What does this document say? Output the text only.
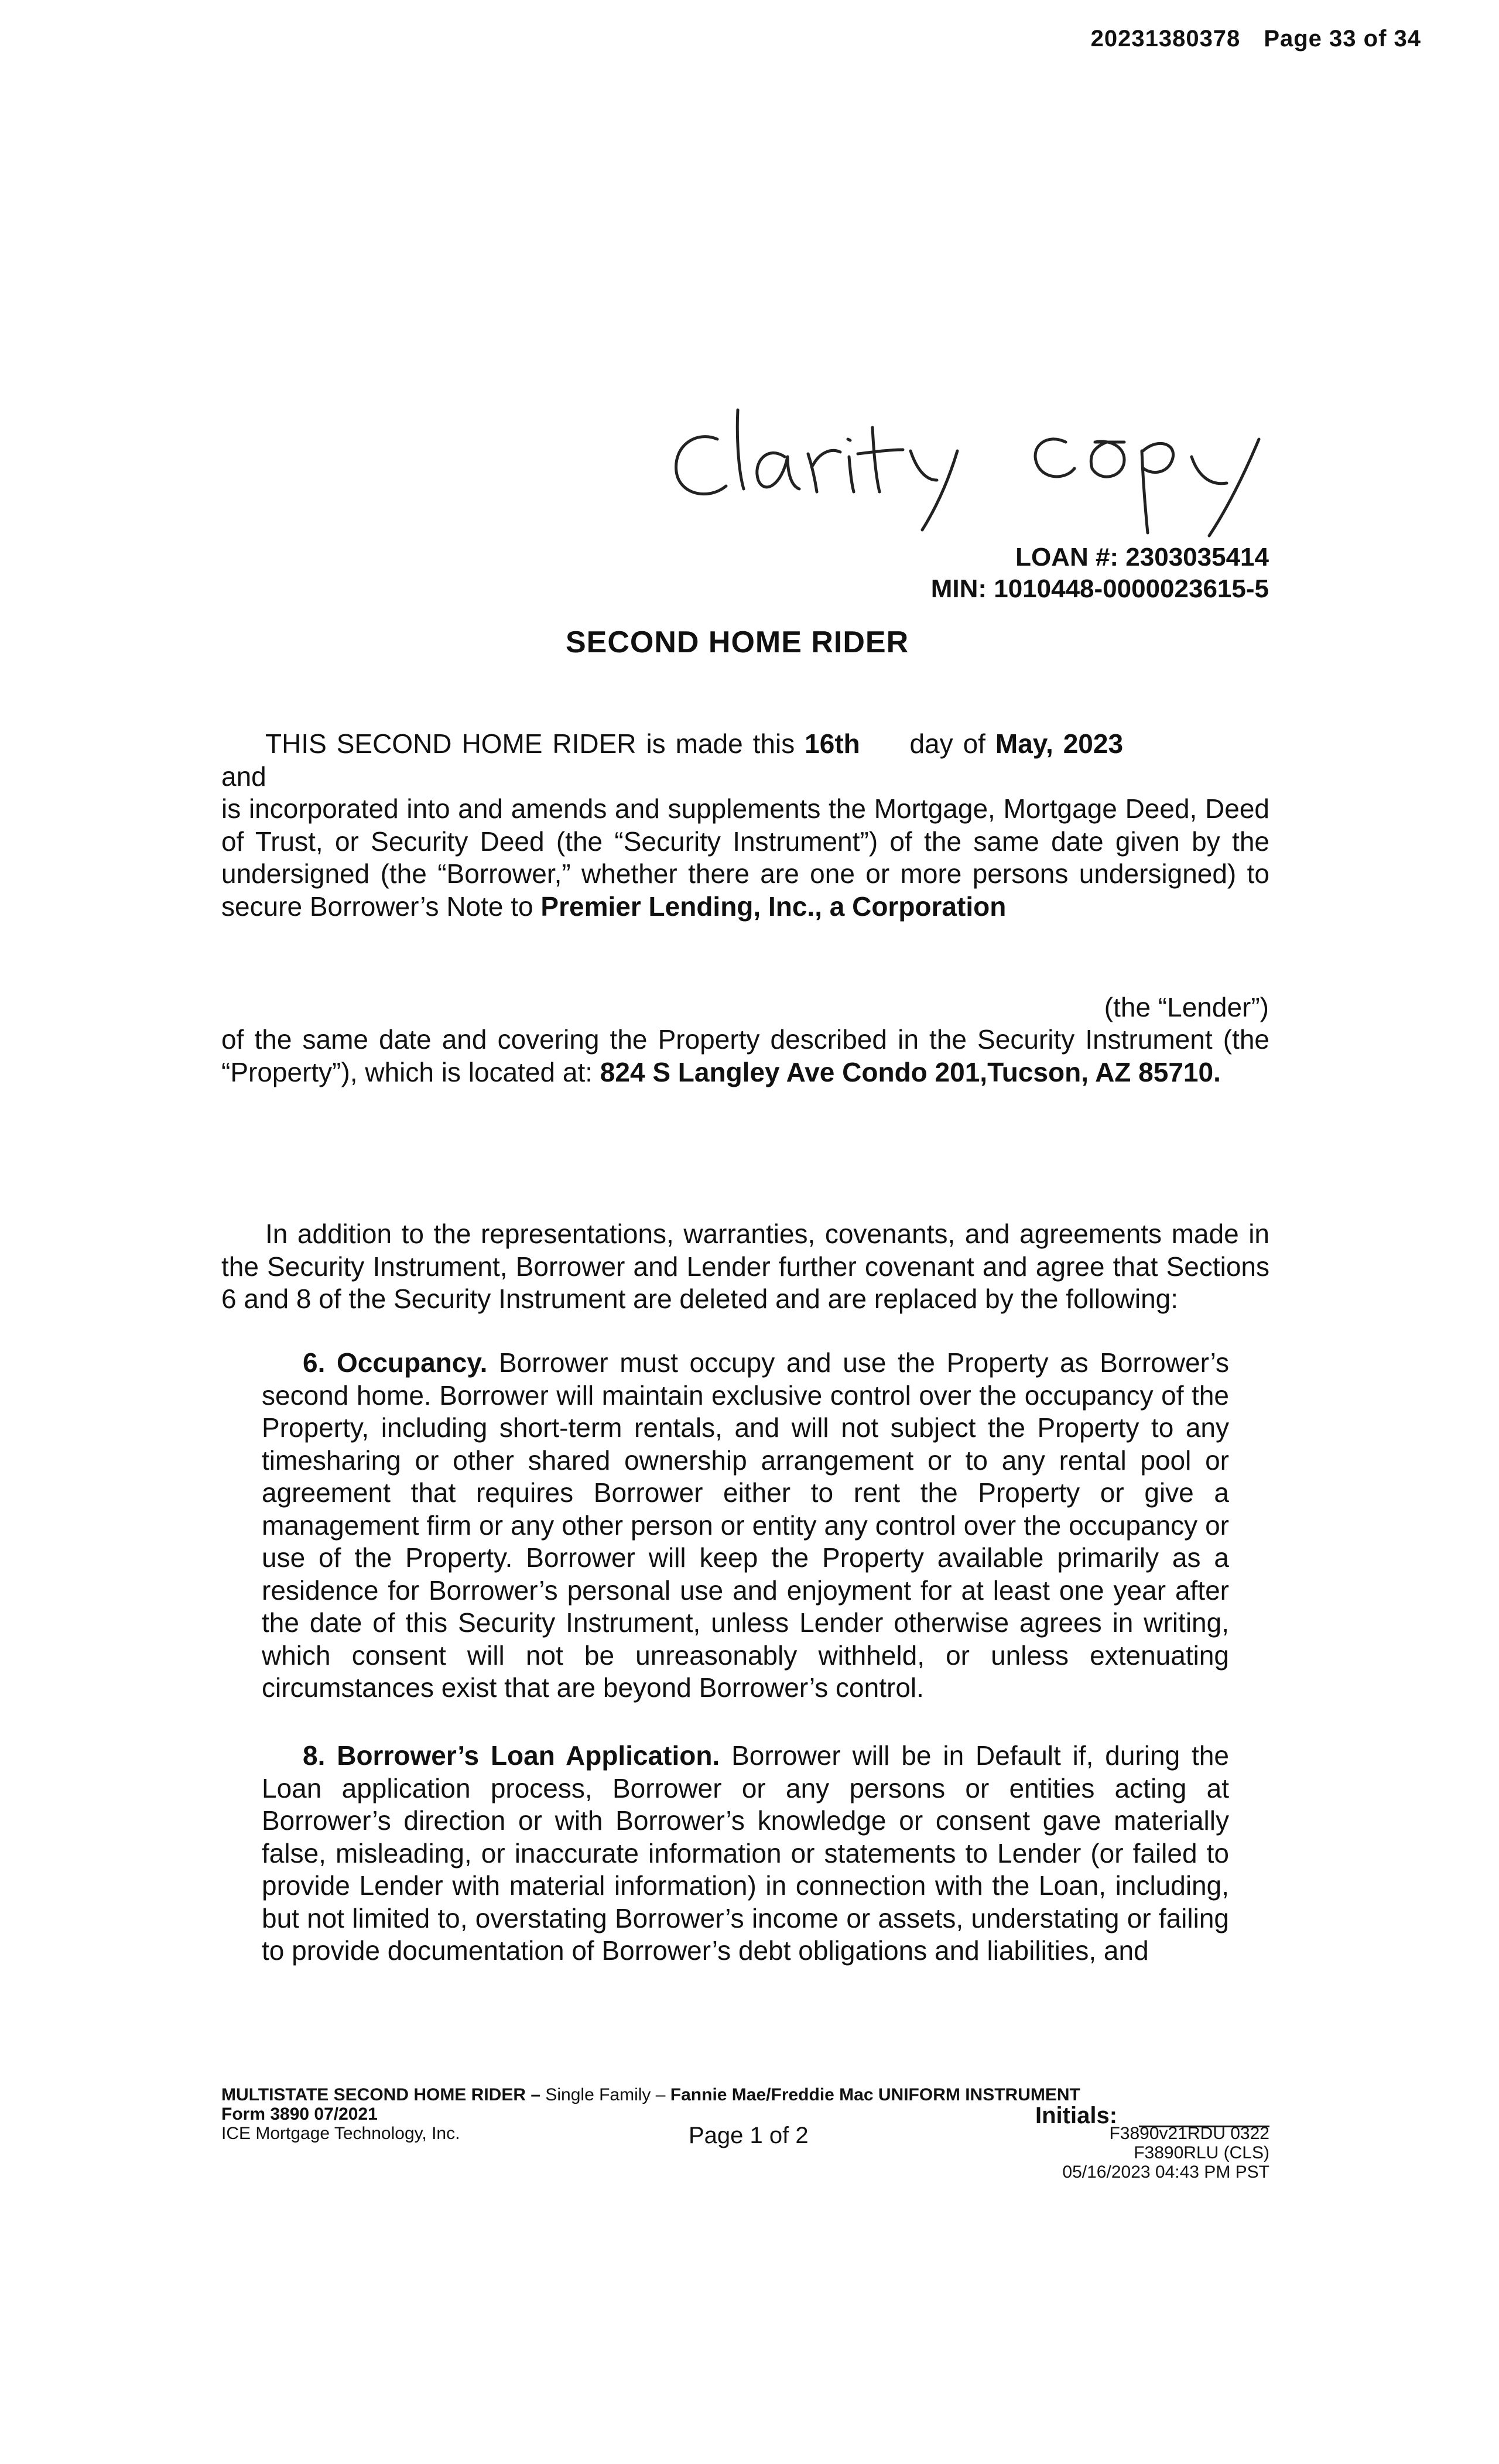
20231380378 Page 33 of 34
LOAN #: 2303035414
MIN: 1010448-0000023615-5
SECOND HOME RIDER
THIS SECOND HOME RIDER is made this 16th day of May, 2023 and
is incorporated into and amends and supplements the Mortgage, Mortgage Deed, Deed of Trust, or Security Deed (the “Security Instrument”) of the same date given by the undersigned (the “Borrower,” whether there are one or more persons undersigned) to secure Borrower’s Note to Premier Lending, Inc., a Corporation
(the “Lender”)
of the same date and covering the Property described in the Security Instrument (the “Property”), which is located at: 824 S Langley Ave Condo 201,Tucson, AZ 85710.
In addition to the representations, warranties, covenants, and agreements made in the Security Instrument, Borrower and Lender further covenant and agree that Sections 6 and 8 of the Security Instrument are deleted and are replaced by the following:
6. Occupancy. Borrower must occupy and use the Property as Borrower’s second home. Borrower will maintain exclusive control over the occupancy of the Property, including short-term rentals, and will not subject the Property to any timesharing or other shared ownership arrangement or to any rental pool or agreement that requires Borrower either to rent the Property or give a management firm or any other person or entity any control over the occupancy or use of the Property. Borrower will keep the Property available primarily as a residence for Borrower’s personal use and enjoyment for at least one year after the date of this Security Instrument, unless Lender otherwise agrees in writing, which consent will not be unreasonably withheld, or unless extenuating circumstances exist that are beyond Borrower’s control.
8. Borrower’s Loan Application. Borrower will be in Default if, during the Loan application process, Borrower or any persons or entities acting at Borrower’s direction or with Borrower’s knowledge or consent gave materially false, misleading, or inaccurate information or statements to Lender (or failed to provide Lender with material information) in connection with the Loan, including, but not limited to, overstating Borrower’s income or assets, understating or failing to provide documentation of Borrower’s debt obligations and liabilities, and
MULTISTATE SECOND HOME RIDER – Single Family – Fannie Mae/Freddie Mac UNIFORM INSTRUMENT
Form 3890 07/2021
ICE Mortgage Technology, Inc.
Initials:
Page 1 of 2	F3890v21RDU 0322
F3890RLU (CLS)
05/16/2023 04:43 PM PST
